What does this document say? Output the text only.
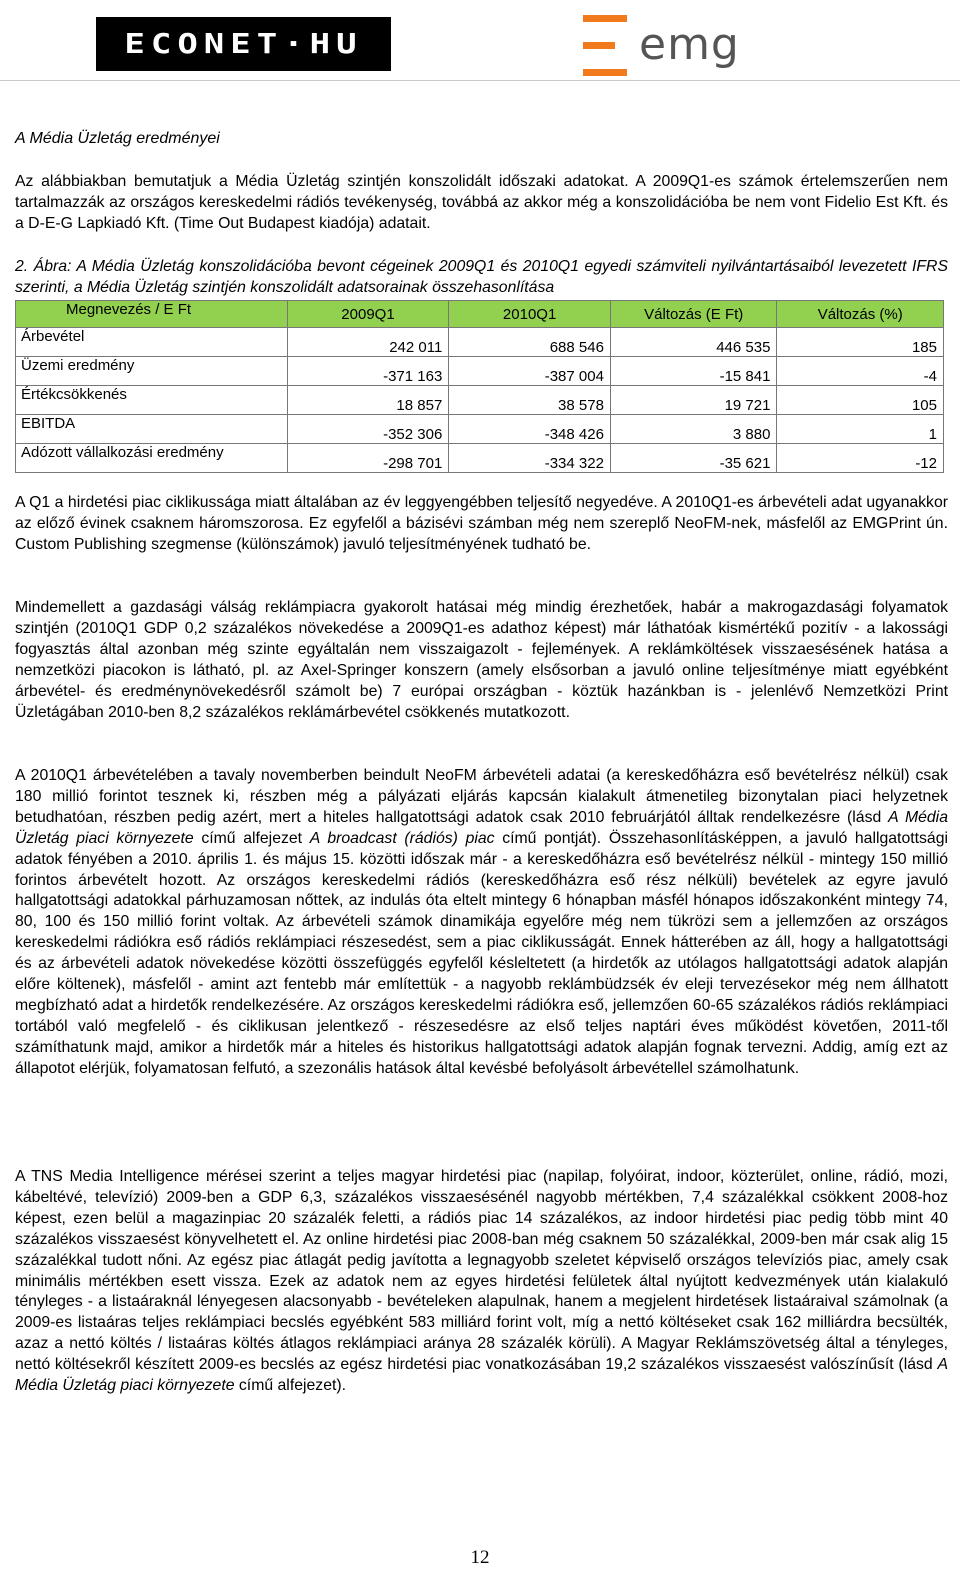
ECONET·HU	emg
A Média Üzletág eredményei

Az alábbiakban bemutatjuk a Média Üzletág szintjén konszolidált időszaki adatokat. A 2009Q1-es számok értelemszerűen nem tartalmazzák az országos kereskedelmi rádiós tevékenység, továbbá az akkor még a konszolidációba be nem vont Fidelio Est Kft. és a D-E-G Lapkiadó Kft. (Time Out Budapest kiadója) adatait.

2. Ábra: A Média Üzletág konszolidációba bevont cégeinek 2009Q1 és 2010Q1 egyedi számviteli nyilvántartásaiból levezetett IFRS szerinti, a Média Üzletág szintjén konszolidált adatsorainak összehasonlítása

Megnevezés / E Ft	2009Q1	2010Q1	Változás (E Ft)	Változás (%)
Árbevétel	242 011	688 546	446 535	185
Üzemi eredmény	-371 163	-387 004	-15 841	-4
Értékcsökkenés	18 857	38 578	19 721	105
EBITDA	-352 306	-348 426	3 880	1
Adózott vállalkozási eredmény	-298 701	-334 322	-35 621	-12

A Q1 a hirdetési piac ciklikussága miatt általában az év leggyengébben teljesítő negyedéve. A 2010Q1-es árbevételi adat ugyanakkor az előző évinek csaknem háromszorosa. Ez egyfelől a bázisévi számban még nem szereplő NeoFM-nek, másfelől az EMGPrint ún. Custom Publishing szegmense (különszámok) javuló teljesítményének tudható be.

Mindemellett a gazdasági válság reklámpiacra gyakorolt hatásai még mindig érezhetőek, habár a makrogazdasági folyamatok szintjén (2010Q1 GDP 0,2 százalékos növekedése a 2009Q1-es adathoz képest) már láthatóak kismértékű pozitív - a lakossági fogyasztás által azonban még szinte egyáltalán nem visszaigazolt - fejlemények. A reklámköltések visszaesésének hatása a nemzetközi piacokon is látható, pl. az Axel-Springer konszern (amely elsősorban a javuló online teljesítménye miatt egyébként árbevétel- és eredménynövekedésről számolt be) 7 európai országban - köztük hazánkban is - jelenlévő Nemzetközi Print Üzletágában 2010-ben 8,2 százalékos reklámárbevétel csökkenés mutatkozott.

A 2010Q1 árbevételében a tavaly novemberben beindult NeoFM árbevételi adatai (a kereskedőházra eső bevételrész nélkül) csak 180 millió forintot tesznek ki, részben még a pályázati eljárás kapcsán kialakult átmenetileg bizonytalan piaci helyzetnek betudhatóan, részben pedig azért, mert a hiteles hallgatottsági adatok csak 2010 februárjától álltak rendelkezésre (lásd A Média Üzletág piaci környezete című alfejezet A broadcast (rádiós) piac című pontját). Összehasonlításképpen, a javuló hallgatottsági adatok fényében a 2010. április 1. és május 15. közötti időszak már - a kereskedőházra eső bevételrész nélkül - mintegy 150 millió forintos árbevételt hozott. Az országos kereskedelmi rádiós (kereskedőházra eső rész nélküli) bevételek az egyre javuló hallgatottsági adatokkal párhuzamosan nőttek, az indulás óta eltelt mintegy 6 hónapban másfél hónapos időszakonként mintegy 74, 80, 100 és 150 millió forint voltak. Az árbevételi számok dinamikája egyelőre még nem tükrözi sem a jellemzően az országos kereskedelmi rádiókra eső rádiós reklámpiaci részesedést, sem a piac ciklikusságát. Ennek hátterében az áll, hogy a hallgatottsági és az árbevételi adatok növekedése közötti összefüggés egyfelől késleltetett (a hirdetők az utólagos hallgatottsági adatok alapján előre költenek), másfelől - amint azt fentebb már említettük - a nagyobb reklámbüdzsék év eleji tervezésekor még nem állhatott megbízható adat a hirdetők rendelkezésére. Az országos kereskedelmi rádiókra eső, jellemzően 60-65 százalékos rádiós reklámpiaci tortából való megfelelő - és ciklikusan jelentkező - részesedésre az első teljes naptári éves működést követően, 2011-től számíthatunk majd, amikor a hirdetők már a hiteles és historikus hallgatottsági adatok alapján fognak tervezni. Addig, amíg ezt az állapotot elérjük, folyamatosan felfutó, a szezonális hatások által kevésbé befolyásolt árbevétellel számolhatunk.

A TNS Media Intelligence mérései szerint a teljes magyar hirdetési piac (napilap, folyóirat, indoor, közterület, online, rádió, mozi, kábeltévé, televízió) 2009-ben a GDP 6,3, százalékos visszaesésénél nagyobb mértékben, 7,4 százalékkal csökkent 2008-hoz képest, ezen belül a magazinpiac 20 százalék feletti, a rádiós piac 14 százalékos, az indoor hirdetési piac pedig több mint 40 százalékos visszaesést könyvelhetett el. Az online hirdetési piac 2008-ban még csaknem 50 százalékkal, 2009-ben már csak alig 15 százalékkal tudott nőni. Az egész piac átlagát pedig javította a legnagyobb szeletet képviselő országos televíziós piac, amely csak minimális mértékben esett vissza. Ezek az adatok nem az egyes hirdetési felületek által nyújtott kedvezmények után kialakuló tényleges - a listaáraknál lényegesen alacsonyabb - bevételeken alapulnak, hanem a megjelent hirdetések listaáraival számolnak (a 2009-es listaáras teljes reklámpiaci becslés egyébként 583 milliárd forint volt, míg a nettó költéseket csak 162 milliárdra becsülték, azaz a nettó költés / listaáras költés átlagos reklámpiaci aránya 28 százalék körüli). A Magyar Reklámszövetség által a tényleges, nettó költésekről készített 2009-es becslés az egész hirdetési piac vonatkozásában 19,2 százalékos visszaesést valószínűsít (lásd A Média Üzletág piaci környezete című alfejezet).

12
